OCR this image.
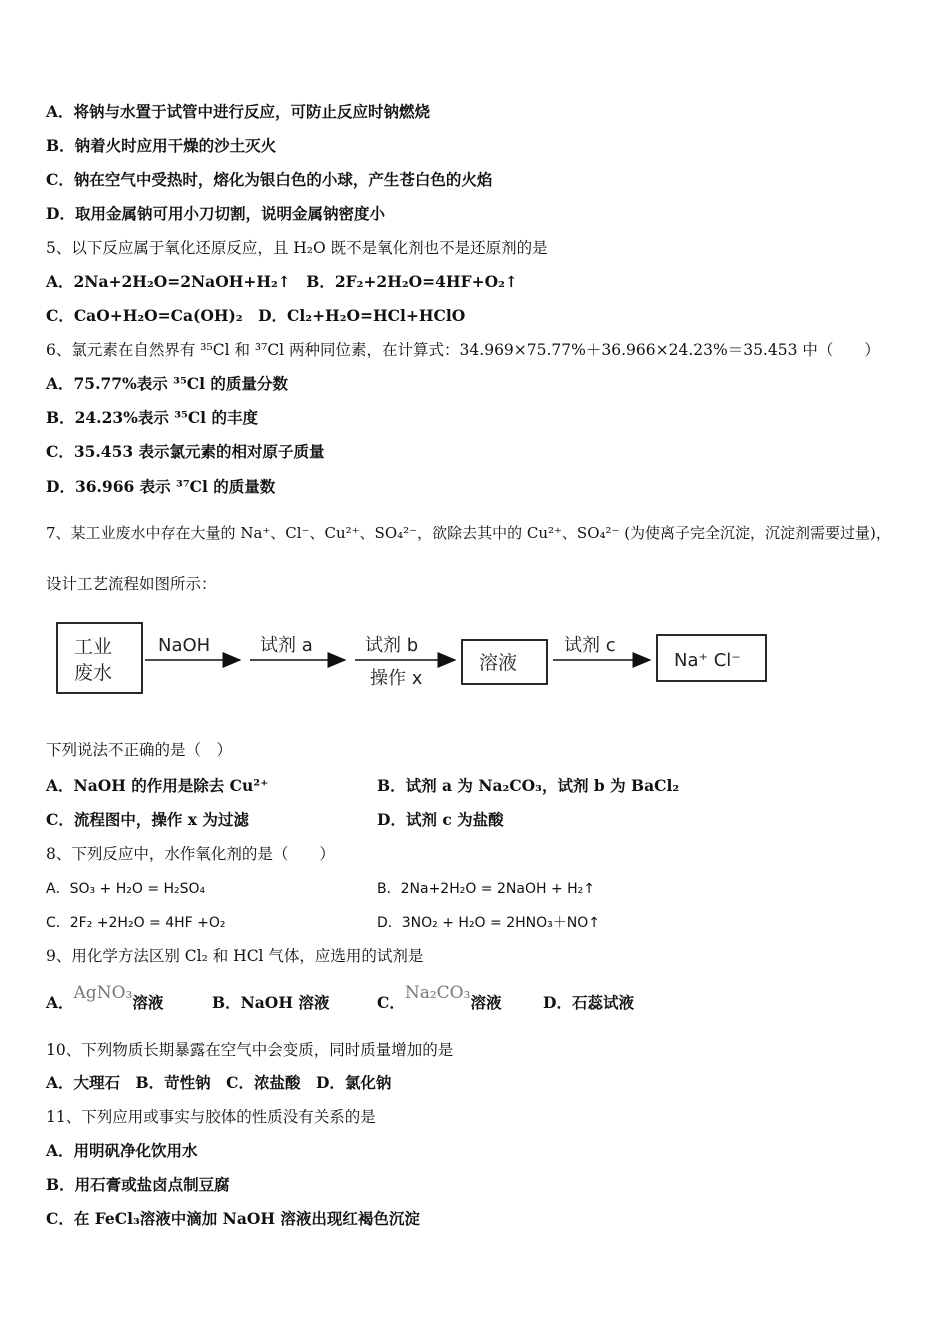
A．将钠与水置于试管中进行反应，可防止反应时钠燃烧
B．钠着火时应用干燥的沙土灭火
C．钠在空气中受热时，熔化为银白色的小球，产生苍白色的火焰
D．取用金属钠可用小刀切割，说明金属钠密度小
5、以下反应属于氧化还原反应，且 H₂O 既不是氧化剂也不是还原剂的是
A．2Na+2H₂O=2NaOH+H₂↑　B．2F₂+2H₂O=4HF+O₂↑
C．CaO+H₂O=Ca(OH)₂　D．Cl₂+H₂O=HCl+HClO
6、氯元素在自然界有 ³⁵Cl 和 ³⁷Cl 两种同位素，在计算式：34.969×75.77%＋36.966×24.23%＝35.453 中（　　）
A．75.77%表示 ³⁵Cl 的质量分数
B．24.23%表示 ³⁵Cl 的丰度
C．35.453 表示氯元素的相对原子质量
D．36.966 表示 ³⁷Cl 的质量数
7、某工业废水中存在大量的 Na⁺、Cl⁻、Cu²⁺、SO₄²⁻，欲除去其中的 Cu²⁺、SO₄²⁻ (为使离子完全沉淀，沉淀剂需要过量)，
设计工艺流程如图所示：
工业
废水
NaOH	试剂 a	试剂 b
操作 x
溶液
试剂 c
Na⁺ Cl⁻
下列说法不正确的是（　）
A．NaOH 的作用是除去 Cu²⁺	B．试剂 a 为 Na₂CO₃，试剂 b 为 BaCl₂
C．流程图中，操作 x 为过滤	D．试剂 c 为盐酸
8、下列反应中，水作氧化剂的是（　　）
A．SO₃ + H₂O = H₂SO₄	B．2Na+2H₂O = 2NaOH + H₂↑
C．2F₂ +2H₂O = 4HF +O₂	D．3NO₂ + H₂O = 2HNO₃＋NO↑
9、用化学方法区别 Cl₂ 和 HCl 气体，应选用的试剂是
A．AgNO₃溶液	B．NaOH 溶液	C．Na₂CO₃溶液	D．石蕊试液
10、下列物质长期暴露在空气中会变质，同时质量增加的是
A．大理石　B．苛性钠　C．浓盐酸　D．氯化钠
11、下列应用或事实与胶体的性质没有关系的是
A．用明矾净化饮用水
B．用石膏或盐卤点制豆腐
C．在 FeCl₃溶液中滴加 NaOH 溶液出现红褐色沉淀
